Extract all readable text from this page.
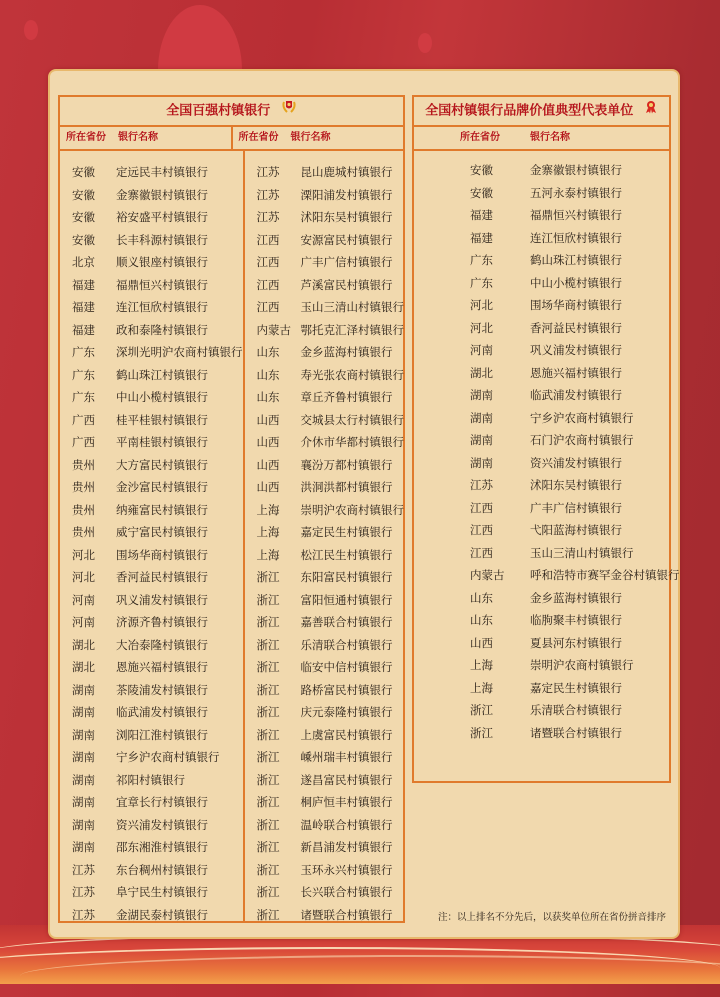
全国百强村镇银行
所在省份	银行名称	所在省份	银行名称
安徽	定远民丰村镇银行
安徽	金寨徽银村镇银行
安徽	裕安盛平村镇银行
安徽	长丰科源村镇银行
北京	顺义银座村镇银行
福建	福鼎恒兴村镇银行
福建	连江恒欣村镇银行
福建	政和泰隆村镇银行
广东	深圳光明沪农商村镇银行
广东	鹤山珠江村镇银行
广东	中山小榄村镇银行
广西	桂平桂银村镇银行
广西	平南桂银村镇银行
贵州	大方富民村镇银行
贵州	金沙富民村镇银行
贵州	纳雍富民村镇银行
贵州	威宁富民村镇银行
河北	围场华商村镇银行
河北	香河益民村镇银行
河南	巩义浦发村镇银行
河南	济源齐鲁村镇银行
湖北	大冶泰隆村镇银行
湖北	恩施兴福村镇银行
湖南	茶陵浦发村镇银行
湖南	临武浦发村镇银行
湖南	浏阳江淮村镇银行
湖南	宁乡沪农商村镇银行
湖南	祁阳村镇银行
湖南	宜章长行村镇银行
湖南	资兴浦发村镇银行
湖南	邵东湘淮村镇银行
江苏	东台稠州村镇银行
江苏	阜宁民生村镇银行
江苏	金湖民泰村镇银行
江苏	昆山鹿城村镇银行
江苏	溧阳浦发村镇银行
江苏	沭阳东吴村镇银行
江西	安源富民村镇银行
江西	广丰广信村镇银行
江西	芦溪富民村镇银行
江西	玉山三清山村镇银行
内蒙古 鄂托克汇泽村镇银行
山东	金乡蓝海村镇银行
山东	寿光张农商村镇银行
山东	章丘齐鲁村镇银行
山西	交城县太行村镇银行
山西	介休市华都村镇银行
山西	襄汾万都村镇银行
山西	洪洞洪都村镇银行
上海	崇明沪农商村镇银行
上海	嘉定民生村镇银行
上海	松江民生村镇银行
浙江	东阳富民村镇银行
浙江	富阳恒通村镇银行
浙江	嘉善联合村镇银行
浙江	乐清联合村镇银行
浙江	临安中信村镇银行
浙江	路桥富民村镇银行
浙江	庆元泰隆村镇银行
浙江	上虞富民村镇银行
浙江	嵊州瑞丰村镇银行
浙江	遂昌富民村镇银行
浙江	桐庐恒丰村镇银行
浙江	温岭联合村镇银行
浙江	新昌浦发村镇银行
浙江	玉环永兴村镇银行
浙江	长兴联合村镇银行
浙江	诸暨联合村镇银行
全国村镇银行品牌价值典型代表单位
所在省份	银行名称
安徽	金寨徽银村镇银行
安徽	五河永泰村镇银行
福建	福鼎恒兴村镇银行
福建	连江恒欣村镇银行
广东	鹤山珠江村镇银行
广东	中山小榄村镇银行
河北	围场华商村镇银行
河北	香河益民村镇银行
河南	巩义浦发村镇银行
湖北	恩施兴福村镇银行
湖南	临武浦发村镇银行
湖南	宁乡沪农商村镇银行
湖南	石门沪农商村镇银行
湖南	资兴浦发村镇银行
江苏	沭阳东吴村镇银行
江西	广丰广信村镇银行
江西	弋阳蓝海村镇银行
江西	玉山三清山村镇银行
内蒙古	呼和浩特市赛罕金谷村镇银行
山东	金乡蓝海村镇银行
山东	临朐聚丰村镇银行
山西	夏县河东村镇银行
上海	崇明沪农商村镇银行
上海	嘉定民生村镇银行
浙江	乐清联合村镇银行
浙江	诸暨联合村镇银行
注：以上排名不分先后，以获奖单位所在省份拼音排序
